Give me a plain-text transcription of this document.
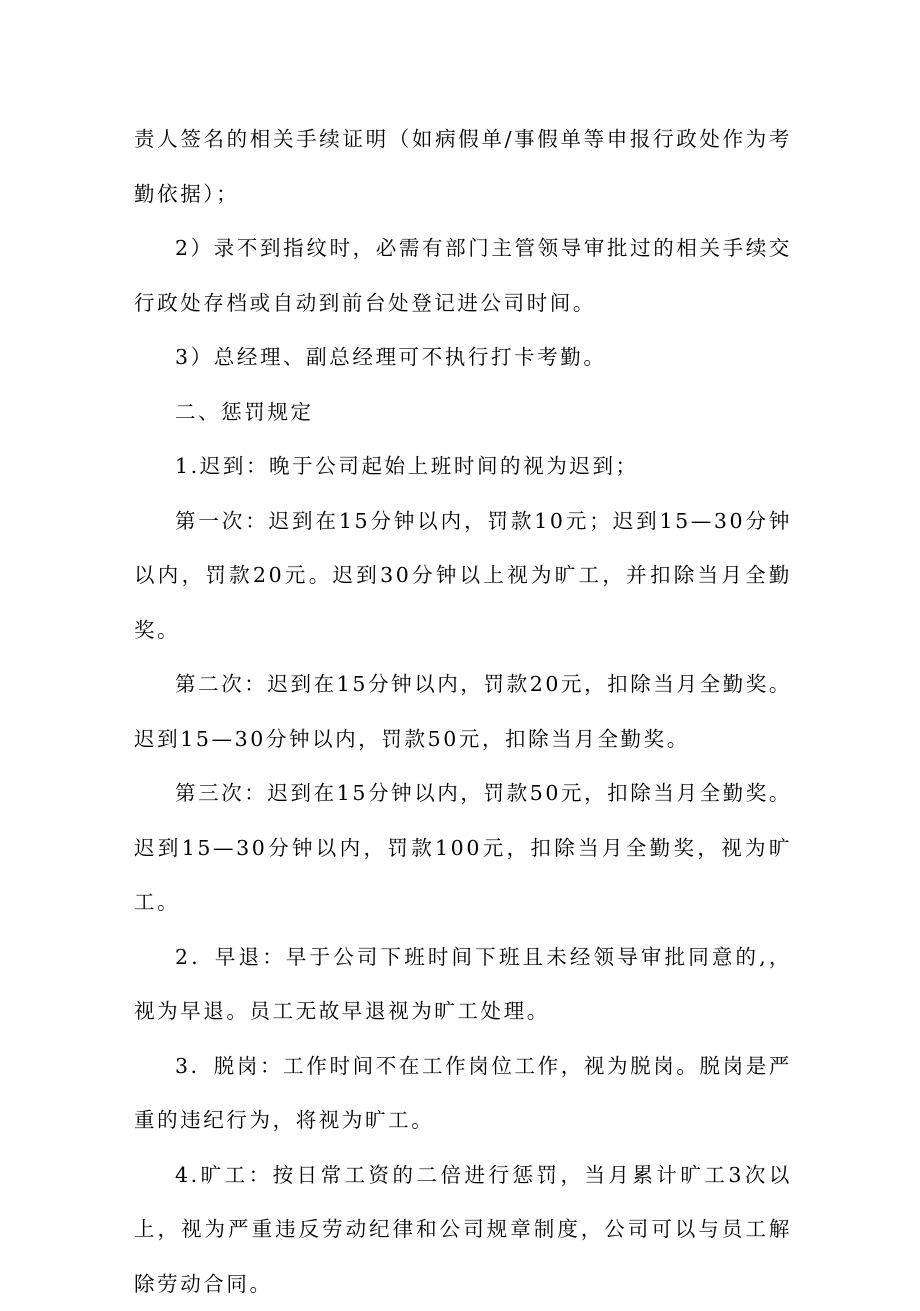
责人签名的相关手续证明（如病假单/事假单等申报行政处作为考勤依据）；

2）录不到指纹时，必需有部门主管领导审批过的相关手续交行政处存档或自动到前台处登记进公司时间。

3）总经理、副总经理可不执行打卡考勤。

二、惩罚规定

1.迟到：晚于公司起始上班时间的视为迟到；

第一次：迟到在15分钟以内，罚款10元；迟到15—30分钟以内，罚款20元。迟到30分钟以上视为旷工，并扣除当月全勤奖。

第二次：迟到在15分钟以内，罚款20元，扣除当月全勤奖。迟到15—30分钟以内，罚款50元，扣除当月全勤奖。

第三次：迟到在15分钟以内，罚款50元，扣除当月全勤奖。迟到15—30分钟以内，罚款100元，扣除当月全勤奖，视为旷工。

2．早退：早于公司下班时间下班且未经领导审批同意的,，视为早退。员工无故早退视为旷工处理。

3．脱岗：工作时间不在工作岗位工作，视为脱岗。脱岗是严重的违纪行为，将视为旷工。

4.旷工：按日常工资的二倍进行惩罚，当月累计旷工3次以上，视为严重违反劳动纪律和公司规章制度，公司可以与员工解除劳动合同。
